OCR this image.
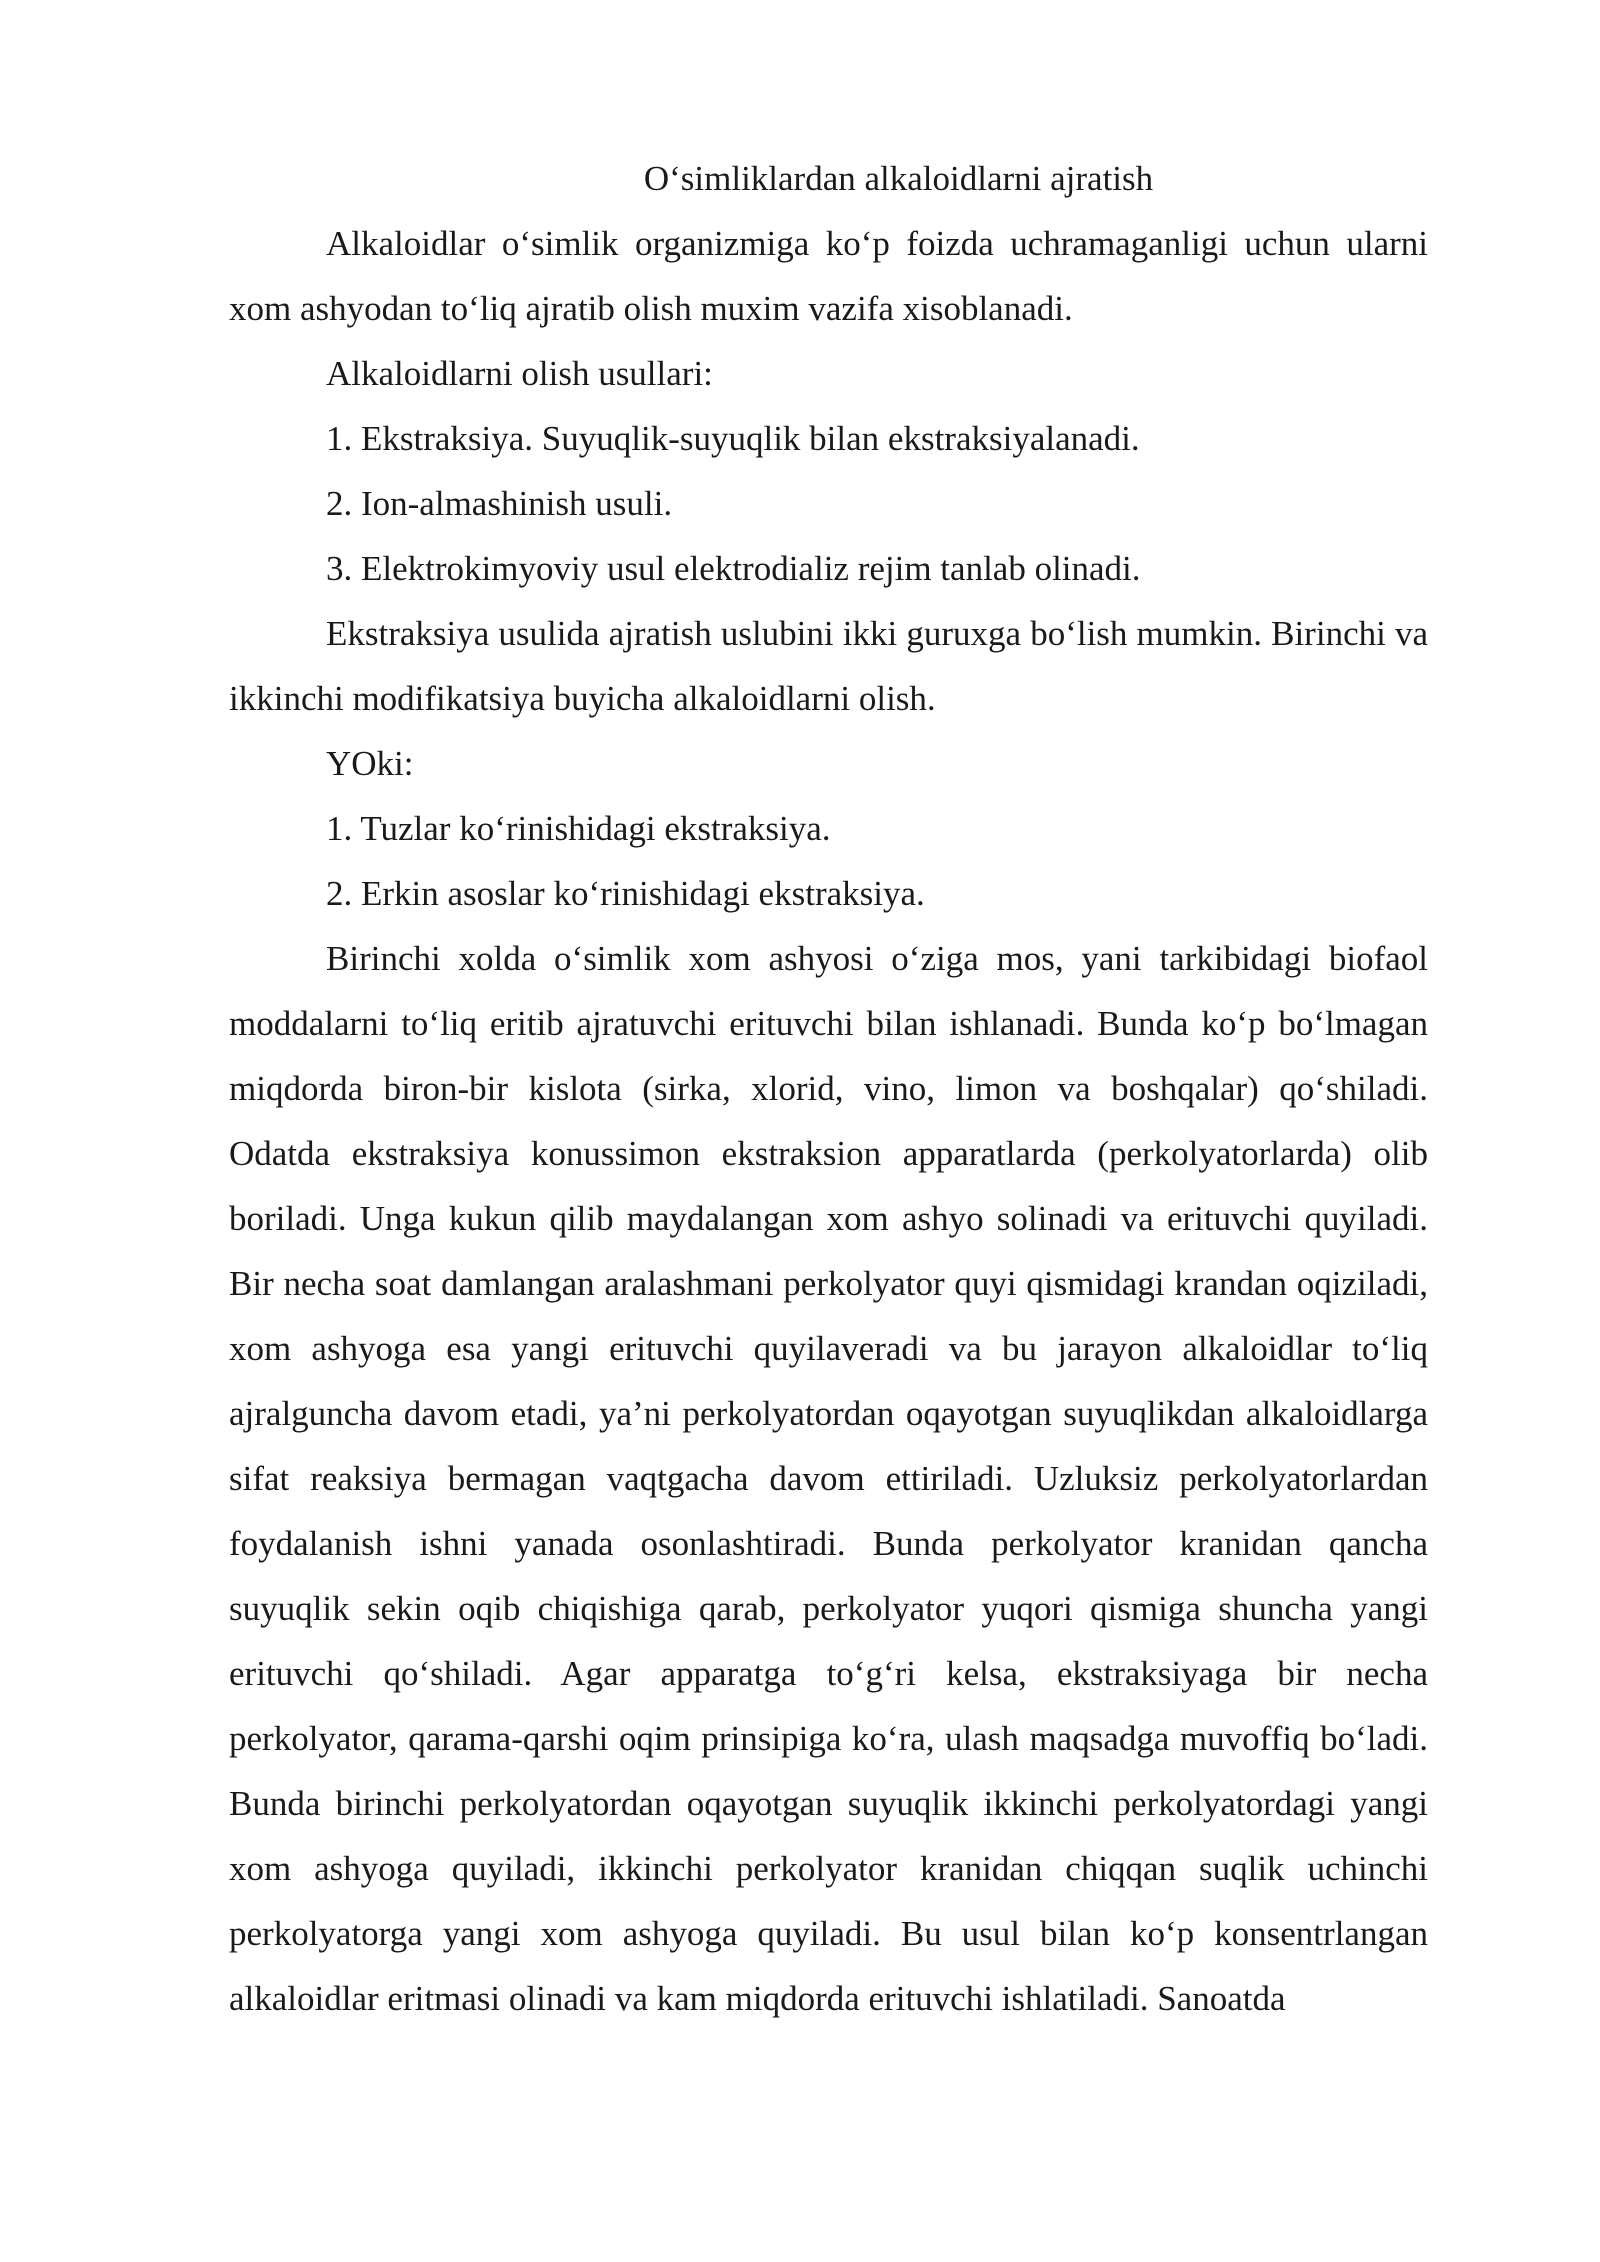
O‘simliklardan alkaloidlarni ajratish

Alkaloidlar o‘simlik organizmiga ko‘p foizda uchramaganligi uchun ularni xom ashyodan to‘liq ajratib olish muxim vazifa xisoblanadi.

Alkaloidlarni olish usullari:

1. Ekstraksiya. Suyuqlik-suyuqlik bilan ekstraksiyalanadi.

2. Ion-almashinish usuli.

3. Elektrokimyoviy usul elektrodializ rejim tanlab olinadi.

Ekstraksiya usulida ajratish uslubini ikki guruxga bo‘lish mumkin. Birinchi va ikkinchi modifikatsiya buyicha alkaloidlarni olish.

YOki:

1. Tuzlar ko‘rinishidagi ekstraksiya.

2. Erkin asoslar ko‘rinishidagi ekstraksiya.

Birinchi xolda o‘simlik xom ashyosi o‘ziga mos, yani tarkibidagi biofaol moddalarni to‘liq eritib ajratuvchi erituvchi bilan ishlanadi. Bunda ko‘p bo‘lmagan miqdorda biron-bir kislota (sirka, xlorid, vino, limon va boshqalar) qo‘shiladi. Odatda ekstraksiya konussimon ekstraksion apparatlarda (perkolyatorlarda) olib boriladi. Unga kukun qilib maydalangan xom ashyo solinadi va erituvchi quyiladi. Bir necha soat damlangan aralashmani perkolyator quyi qismidagi krandan oqiziladi, xom ashyoga esa yangi erituvchi quyilaveradi va bu jarayon alkaloidlar to‘liq ajralguncha davom etadi, ya’ni perkolyatordan oqayotgan suyuqlikdan alkaloidlarga sifat reaksiya bermagan vaqtgacha davom ettiriladi. Uzluksiz perkolyatorlardan foydalanish ishni yanada osonlashtiradi. Bunda perkolyator kranidan qancha suyuqlik sekin oqib chiqishiga qarab, perkolyator yuqori qismiga shuncha yangi erituvchi qo‘shiladi. Agar apparatga to‘g‘ri kelsa, ekstraksiyaga bir necha perkolyator, qarama-qarshi oqim prinsipiga ko‘ra, ulash maqsadga muvoffiq bo‘ladi. Bunda birinchi perkolyatordan oqayotgan suyuqlik ikkinchi perkolyatordagi yangi xom ashyoga quyiladi, ikkinchi perkolyator kranidan chiqqan suqlik uchinchi perkolyatorga yangi xom ashyoga quyiladi. Bu usul bilan ko‘p konsentrlangan alkaloidlar eritmasi olinadi va kam miqdorda erituvchi ishlatiladi. Sanoatda
